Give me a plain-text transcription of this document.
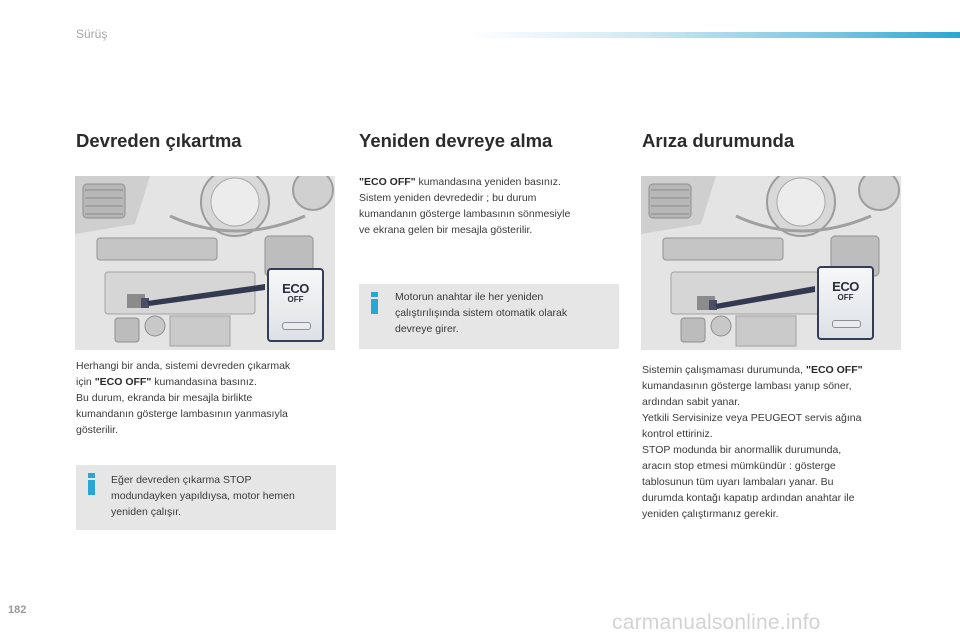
Sürüş
Devreden çıkartma
ECO
OFF
Herhangi bir anda, sistemi devreden çıkarmak
için "ECO OFF" kumandasına basınız.
Bu durum, ekranda bir mesajla birlikte
kumandanın gösterge lambasının yanmasıyla
gösterilir.
Eğer devreden çıkarma STOP
modundayken yapıldıysa, motor hemen
yeniden çalışır.
Yeniden devreye alma
"ECO OFF" kumandasına yeniden basınız.
Sistem yeniden devrededir ; bu durum
kumandanın gösterge lambasının sönmesiyle
ve ekrana gelen bir mesajla gösterilir.
Motorun anahtar ile her yeniden
çalıştırılışında sistem otomatik olarak
devreye girer.
Arıza durumunda
ECO
OFF
Sistemin çalışmaması durumunda, "ECO OFF"
kumandasının gösterge lambası yanıp söner,
ardından sabit yanar.
Yetkili Servisinize veya PEUGEOT servis ağına
kontrol ettiriniz.
STOP modunda bir anormallik durumunda,
aracın stop etmesi mümkündür : gösterge
tablosunun tüm uyarı lambaları yanar. Bu
durumda kontağı kapatıp ardından anahtar ile
yeniden çalıştırmanız gerekir.
182
carmanualsonline.info
